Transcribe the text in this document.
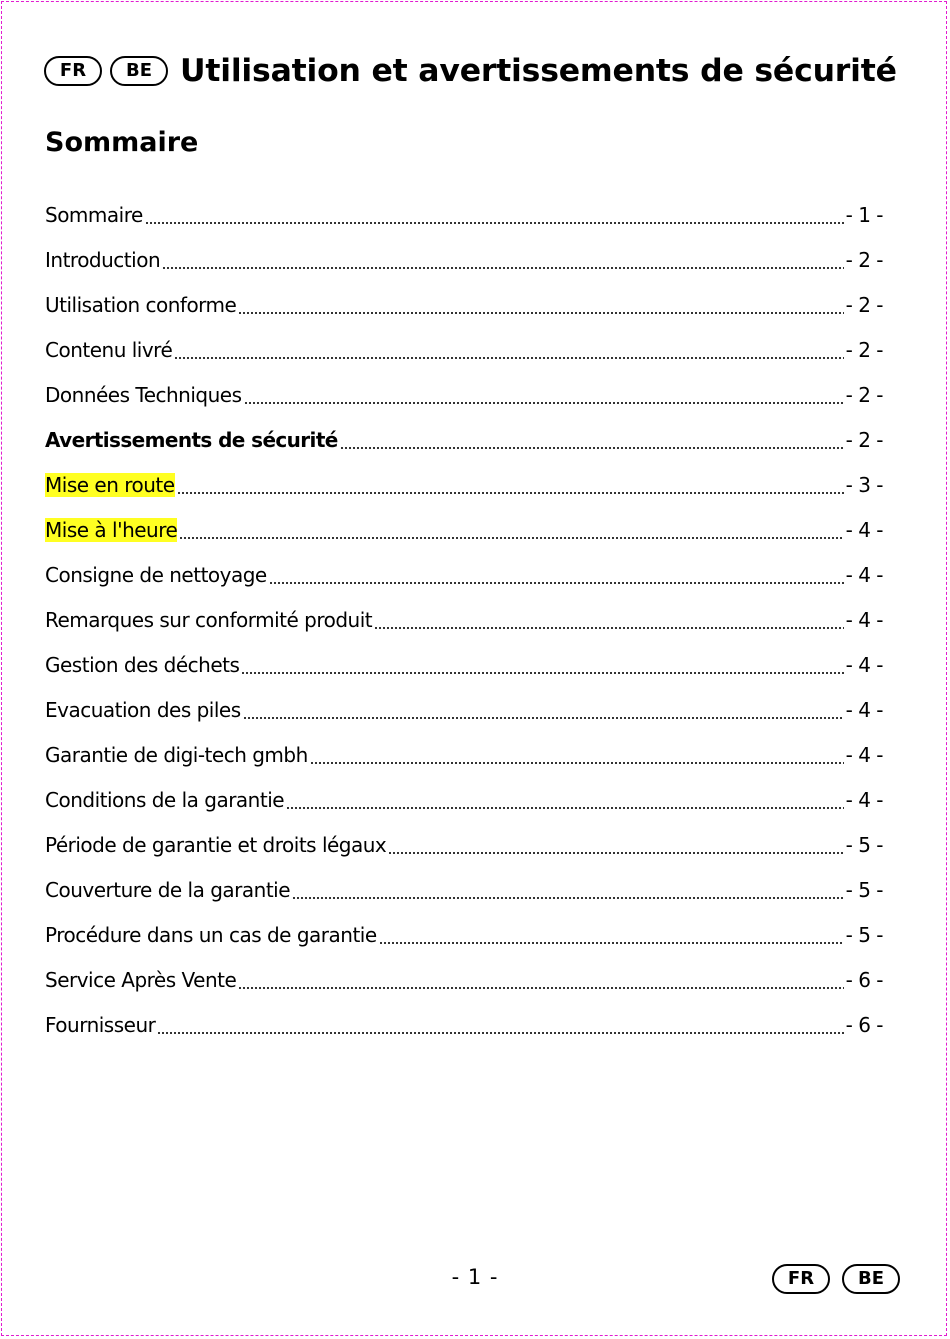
FR	BE Utilisation et avertissements de sécurité
Sommaire
Sommaire	- 1 -
Introduction	- 2 -
Utilisation conforme	- 2 -
Contenu livré	- 2 -
Données Techniques	- 2 -
Avertissements de sécurité	- 2 -
Mise en route	- 3 -
Mise à l'heure	- 4 -
Consigne de nettoyage	- 4 -
Remarques sur conformité produit	- 4 -
Gestion des déchets	- 4 -
Evacuation des piles	- 4 -
Garantie de digi-tech gmbh	- 4 -
Conditions de la garantie	- 4 -
Période de garantie et droits légaux	- 5 -
Couverture de la garantie	- 5 -
Procédure dans un cas de garantie	- 5 -
Service Après Vente	- 6 -
Fournisseur	- 6 -
- 1 -	FR	BE
